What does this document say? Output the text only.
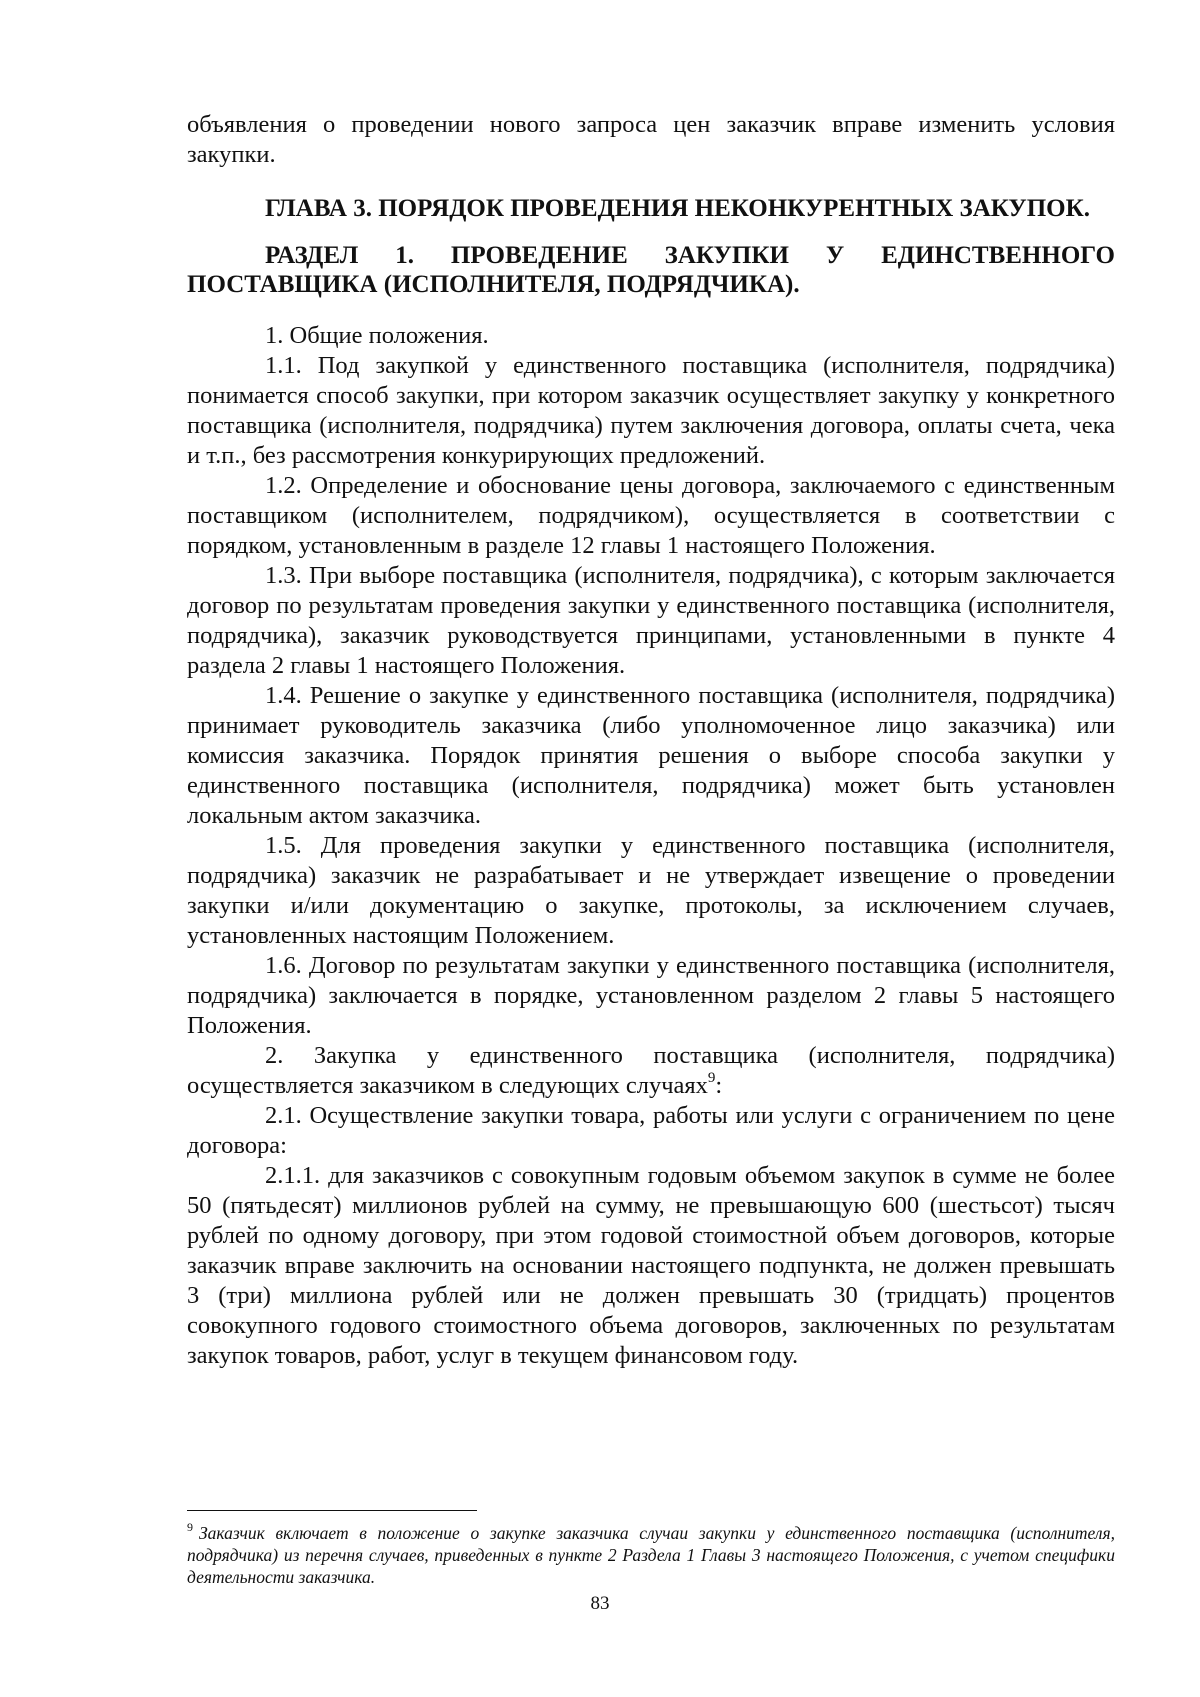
объявления о проведении нового запроса цен заказчик вправе изменить условия закупки.

ГЛАВА 3. ПОРЯДОК ПРОВЕДЕНИЯ НЕКОНКУРЕНТНЫХ ЗАКУПОК.
РАЗДЕЛ 1. ПРОВЕДЕНИЕ ЗАКУПКИ У ЕДИНСТВЕННОГО
ПОСТАВЩИКА (ИСПОЛНИТЕЛЯ, ПОДРЯДЧИКА).

1. Общие положения.

1.1. Под закупкой у единственного поставщика (исполнителя, подрядчика) понимается способ закупки, при котором заказчик осуществляет закупку у конкретного поставщика (исполнителя, подрядчика) путем заключения договора, оплаты счета, чека и т.п., без рассмотрения конкурирующих предложений.

1.2. Определение и обоснование цены договора, заключаемого с единственным поставщиком (исполнителем, подрядчиком), осуществляется в соответствии с порядком, установленным в разделе 12 главы 1 настоящего Положения.

1.3. При выборе поставщика (исполнителя, подрядчика), с которым заключается договор по результатам проведения закупки у единственного поставщика (исполнителя, подрядчика), заказчик руководствуется принципами, установленными в пункте 4 раздела 2 главы 1 настоящего Положения.

1.4. Решение о закупке у единственного поставщика (исполнителя, подрядчика) принимает руководитель заказчика (либо уполномоченное лицо заказчика) или комиссия заказчика. Порядок принятия решения о выборе способа закупки у единственного поставщика (исполнителя, подрядчика) может быть установлен локальным актом заказчика.

1.5. Для проведения закупки у единственного поставщика (исполнителя, подрядчика) заказчик не разрабатывает и не утверждает извещение о проведении закупки и/или документацию о закупке, протоколы, за исключением случаев, установленных настоящим Положением.

1.6. Договор по результатам закупки у единственного поставщика (исполнителя, подрядчика) заключается в порядке, установленном разделом 2 главы 5 настоящего Положения.

2. Закупка у единственного поставщика (исполнителя, подрядчика) осуществляется заказчиком в следующих случаях$^9$:

2.1. Осуществление закупки товара, работы или услуги с ограничением по цене договора:

2.1.1. для заказчиков с совокупным годовым объемом закупок в сумме не более 50 (пятьдесят) миллионов рублей на сумму, не превышающую 600 (шестьсот) тысяч рублей по одному договору, при этом годовой стоимостной объем договоров, которые заказчик вправе заключить на основании настоящего подпункта, не должен превышать 3 (три) миллиона рублей или не должен превышать 30 (тридцать) процентов совокупного годового стоимостного объема договоров, заключенных по результатам закупок товаров, работ, услуг в текущем финансовом году.

$^9$ Заказчик включает в положение о закупке заказчика случаи закупки у единственного поставщика (исполнителя, подрядчика) из перечня случаев, приведенных в пункте 2 Раздела 1 Главы 3 настоящего Положения, с учетом специфики деятельности заказчика.

83
